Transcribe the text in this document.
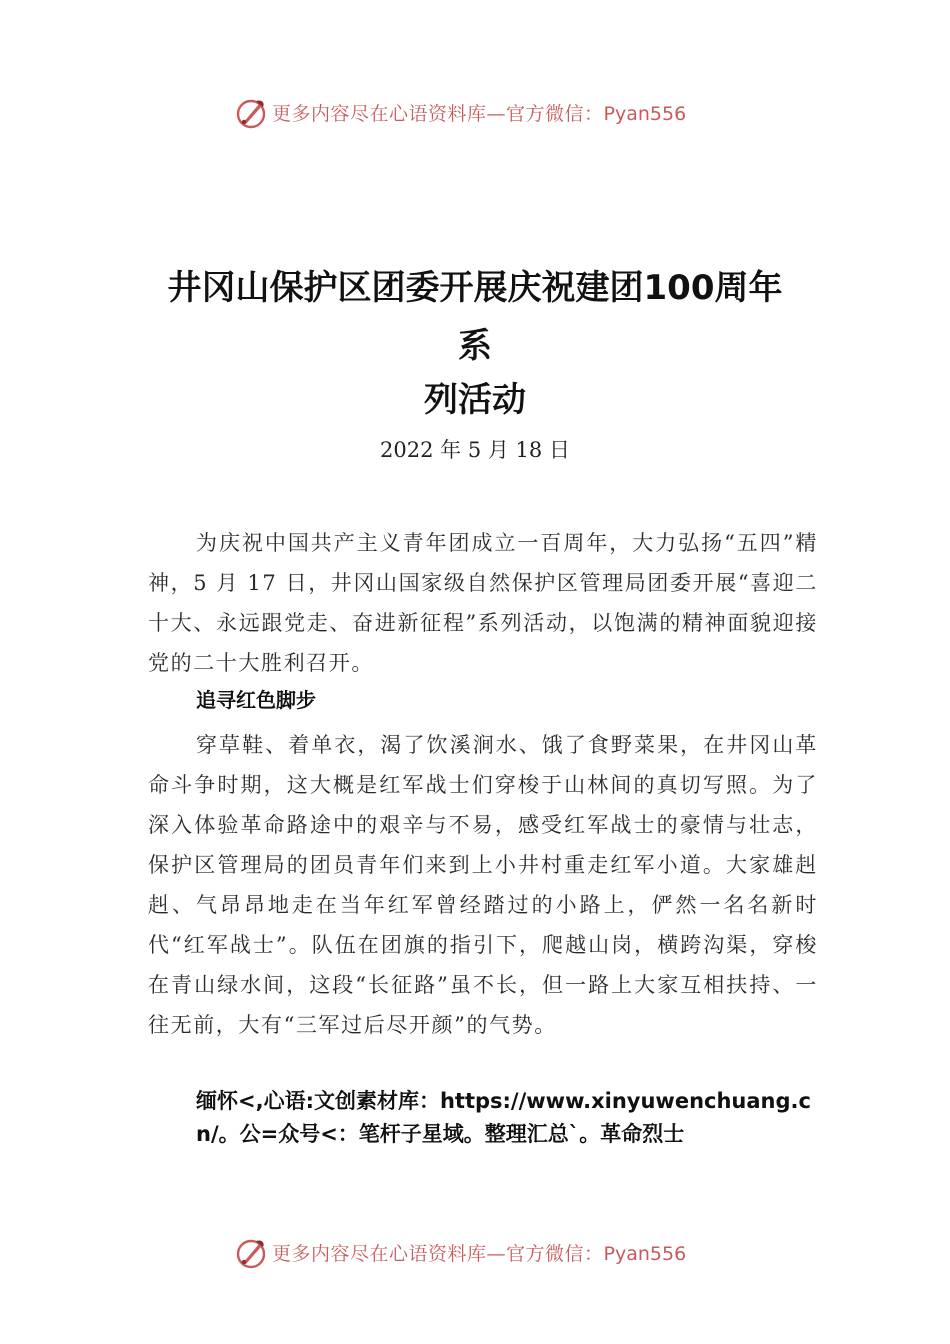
更多内容尽在心语资料库—官方微信：Pyan556
井冈山保护区团委开展庆祝建团100周年
系
列活动
2022 年 5 月 18 日

为庆祝中国共产主义青年团成立一百周年，大力弘扬“五四”精神，5 月 17 日，井冈山国家级自然保护区管理局团委开展“喜迎二十大、永远跟党走、奋进新征程”系列活动，以饱满的精神面貌迎接党的二十大胜利召开。

追寻红色脚步

穿草鞋、着单衣，渴了饮溪涧水、饿了食野菜果，在井冈山革命斗争时期，这大概是红军战士们穿梭于山林间的真切写照。为了深入体验革命路途中的艰辛与不易，感受红军战士的豪情与壮志，保护区管理局的团员青年们来到上小井村重走红军小道。大家雄赳赳、气昂昂地走在当年红军曾经踏过的小路上，俨然一名名新时代“红军战士”。队伍在团旗的指引下，爬越山岗，横跨沟渠，穿梭在青山绿水间，这段“长征路”虽不长，但一路上大家互相扶持、一往无前，大有“三军过后尽开颜”的气势。

缅怀<,心语:文创素材库：https://www.xinyuwenchuang.cn/。公=众号<：笔杆子星域。整理汇总`。革命烈士

更多内容尽在心语资料库—官方微信：Pyan556
